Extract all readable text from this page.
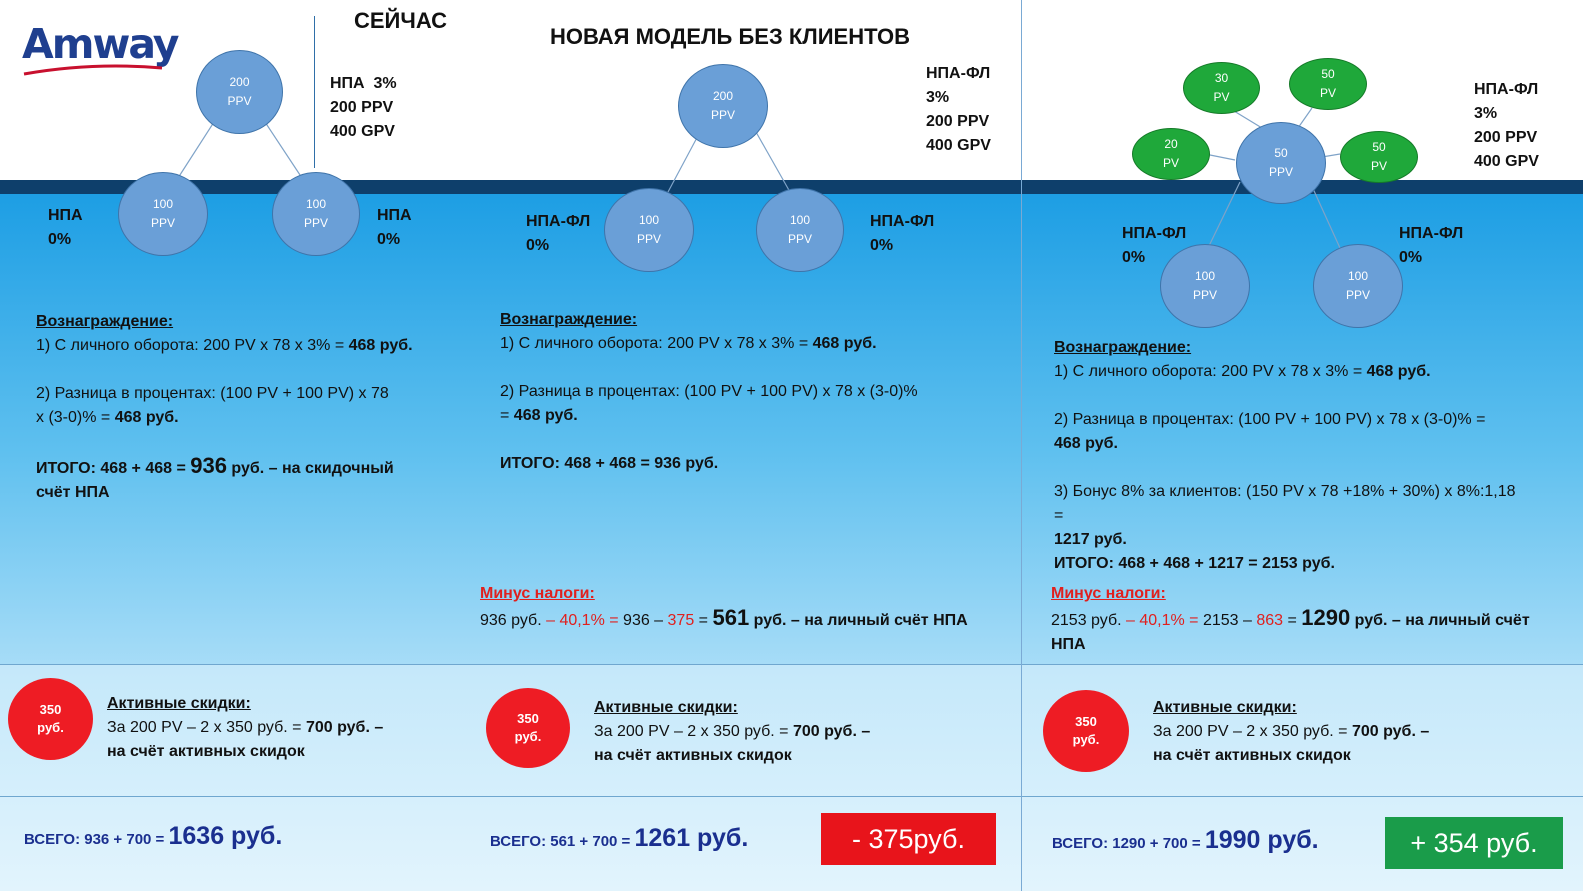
Amway	СЕЙЧАС
200
PPV
НПА  3%
200 PPV
400 GPV
100
PPV
100
PPV
НПА
0%
НПА
0%
Вознаграждение:
1) С личного оборота: 200 PV x 78 x 3% = 468 руб.
2) Разница в процентах: (100 PV + 100 PV) x 78
x (3-0)% = 468 руб.
ИТОГО: 468 + 468 = 936 руб. – на скидочный
счёт НПА
350
руб.
Активные скидки:
За 200 PV – 2 x 350 руб. = 700 руб. –
на счёт активных скидок
ВСЕГО: 936 + 700 = 1636 руб.
НОВАЯ МОДЕЛЬ БЕЗ КЛИЕНТОВ
200
PPV
НПА-ФЛ
3%
200 PPV
400 GPV
100
PPV
100
PPV
НПА-ФЛ
0%
НПА-ФЛ
0%
Вознаграждение:
1) С личного оборота: 200 PV x 78 x 3% = 468 руб.
2) Разница в процентах: (100 PV + 100 PV) x 78 x (3-0)%
= 468 руб.
ИТОГО: 468 + 468 = 936 руб.
Минус налоги:
936 руб. – 40,1% = 936 – 375 = 561 руб. – на личный счёт НПА
350
руб.
Активные скидки:
За 200 PV – 2 x 350 руб. = 700 руб. –
на счёт активных скидок
ВСЕГО: 561 + 700 = 1261 руб.	- 375руб.
30
PV
50
PV
20
PV
50
PV
50
PPV
НПА-ФЛ
3%
200 PPV
400 GPV
100
PPV
100
PPV
НПА-ФЛ
0%
НПА-ФЛ
0%
Вознаграждение:
1) С личного оборота: 200 PV x 78 x 3% = 468 руб.
2) Разница в процентах: (100 PV + 100 PV) x 78 x (3-0)% =
468 руб.
3) Бонус 8% за клиентов: (150 PV x 78 +18% + 30%) x 8%:1,18
=
1217 руб.
ИТОГО: 468 + 468 + 1217 = 2153 руб.
Минус налоги:
2153 руб. – 40,1% = 2153 – 863 = 1290 руб. – на личный счёт
НПА
350
руб.
Активные скидки:
За 200 PV – 2 x 350 руб. = 700 руб. –
на счёт активных скидок
ВСЕГО: 1290 + 700 = 1990 руб.	+ 354 руб.
